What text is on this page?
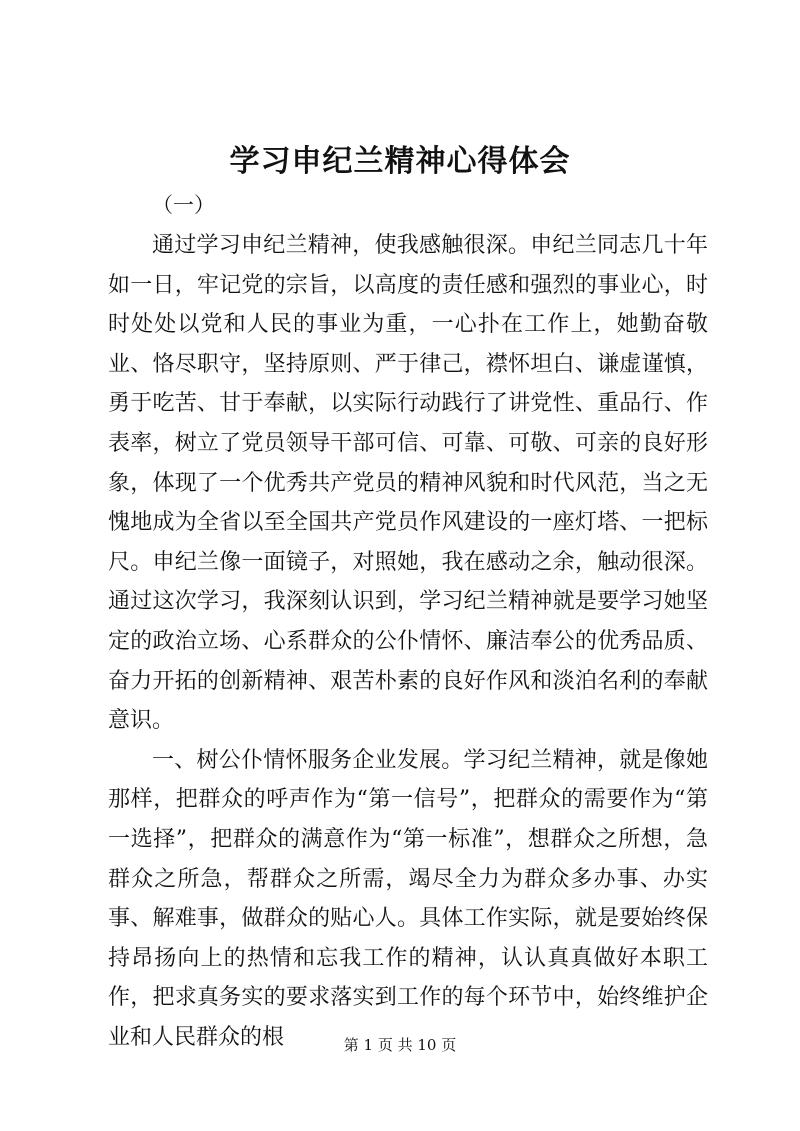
学习申纪兰精神心得体会
（一）

通过学习申纪兰精神，使我感触很深。申纪兰同志几十年如一日，牢记党的宗旨，以高度的责任感和强烈的事业心，时时处处以党和人民的事业为重，一心扑在工作上，她勤奋敬业、恪尽职守，坚持原则、严于律己，襟怀坦白、谦虚谨慎，勇于吃苦、甘于奉献，以实际行动践行了讲党性、重品行、作表率，树立了党员领导干部可信、可靠、可敬、可亲的良好形象，体现了一个优秀共产党员的精神风貌和时代风范，当之无愧地成为全省以至全国共产党员作风建设的一座灯塔、一把标尺。申纪兰像一面镜子，对照她，我在感动之余，触动很深。通过这次学习，我深刻认识到，学习纪兰精神就是要学习她坚定的政治立场、心系群众的公仆情怀、廉洁奉公的优秀品质、奋力开拓的创新精神、艰苦朴素的良好作风和淡泊名利的奉献意识。

一、树公仆情怀服务企业发展。学习纪兰精神，就是像她那样，把群众的呼声作为“第一信号”，把群众的需要作为“第一选择”，把群众的满意作为“第一标准”，想群众之所想，急群众之所急，帮群众之所需，竭尽全力为群众多办事、办实事、解难事，做群众的贴心人。具体工作实际，就是要始终保持昂扬向上的热情和忘我工作的精神，认认真真做好本职工作，把求真务实的要求落实到工作的每个环节中，始终维护企业和人民群众的根	第 1 页 共 10 页
